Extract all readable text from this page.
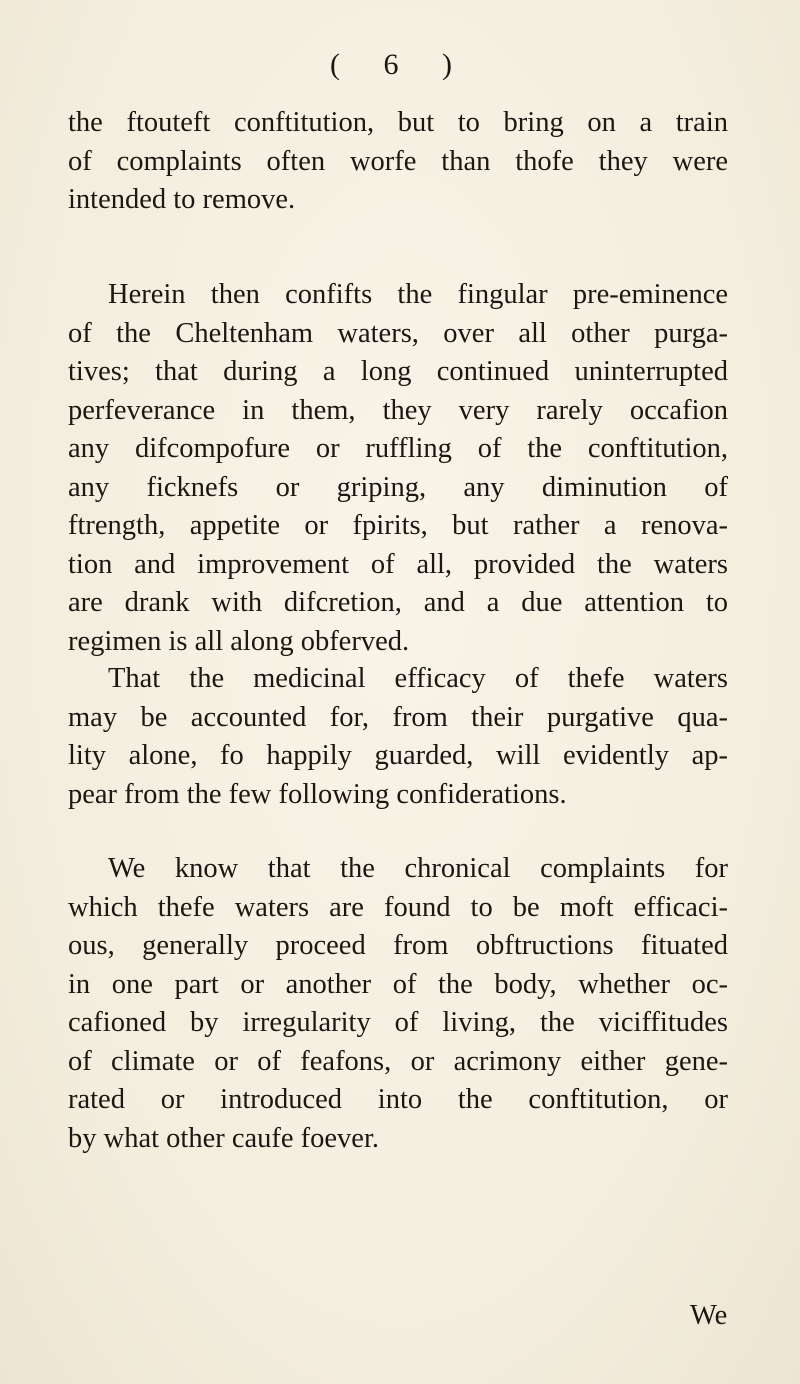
( 6 )
the ftouteft conftitution, but to bring on a train
of complaints often worfe than thofe they were
intended to remove.
Herein then confifts the fingular pre-eminence
of the Cheltenham waters, over all other purga-
tives; that during a long continued uninterrupted
perfeverance in them, they very rarely occafion
any difcompofure or ruffling of the conftitution,
any ficknefs or griping, any diminution of
ftrength, appetite or fpirits, but rather a renova-
tion and improvement of all, provided the waters
are drank with difcretion, and a due attention to
regimen is all along obferved.
That the medicinal efficacy of thefe waters
may be accounted for, from their purgative qua-
lity alone, fo happily guarded, will evidently ap-
pear from the few following confiderations.
We know that the chronical complaints for
which thefe waters are found to be moft efficaci-
ous, generally proceed from obftructions fituated
in one part or another of the body, whether oc-
cafioned by irregularity of living, the viciffitudes
of climate or of feafons, or acrimony either gene-
rated or introduced into the conftitution, or
by what other caufe foever.
We
